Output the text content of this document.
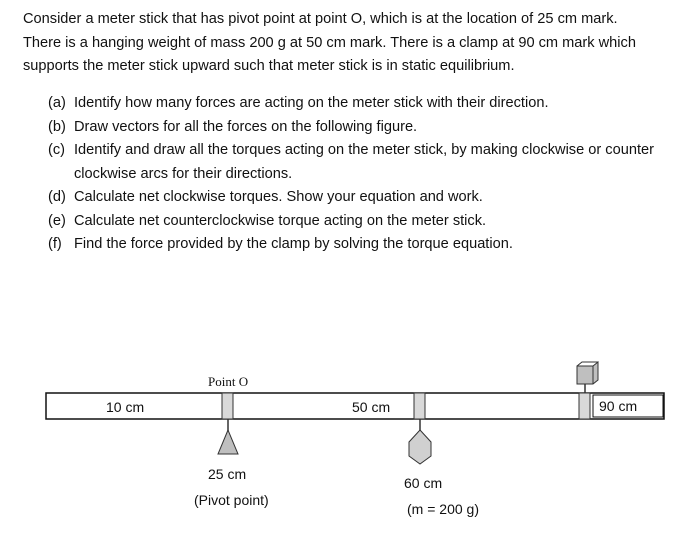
Consider a meter stick that has pivot point at point O, which is at the location of 25 cm mark.

There is a hanging weight of mass 200 g at 50 cm mark. There is a clamp at 90 cm mark which

supports the meter stick upward such that meter stick is in static equilibrium.

(a) Identify how many forces are acting on the meter stick with their direction.
(b) Draw vectors for all the forces on the following figure.
(c) Identify and draw all the torques acting on the meter stick, by making clockwise or counter clockwise arcs for their directions.
(d) Calculate net clockwise torques. Show your equation and work.
(e) Calculate net counterclockwise torque acting on the meter stick.
(f) Find the force provided by the clamp by solving the torque equation.
Point O
10 cm	50 cm	90 cm
25 cm
(Pivot point)
60 cm
(m = 200 g)
